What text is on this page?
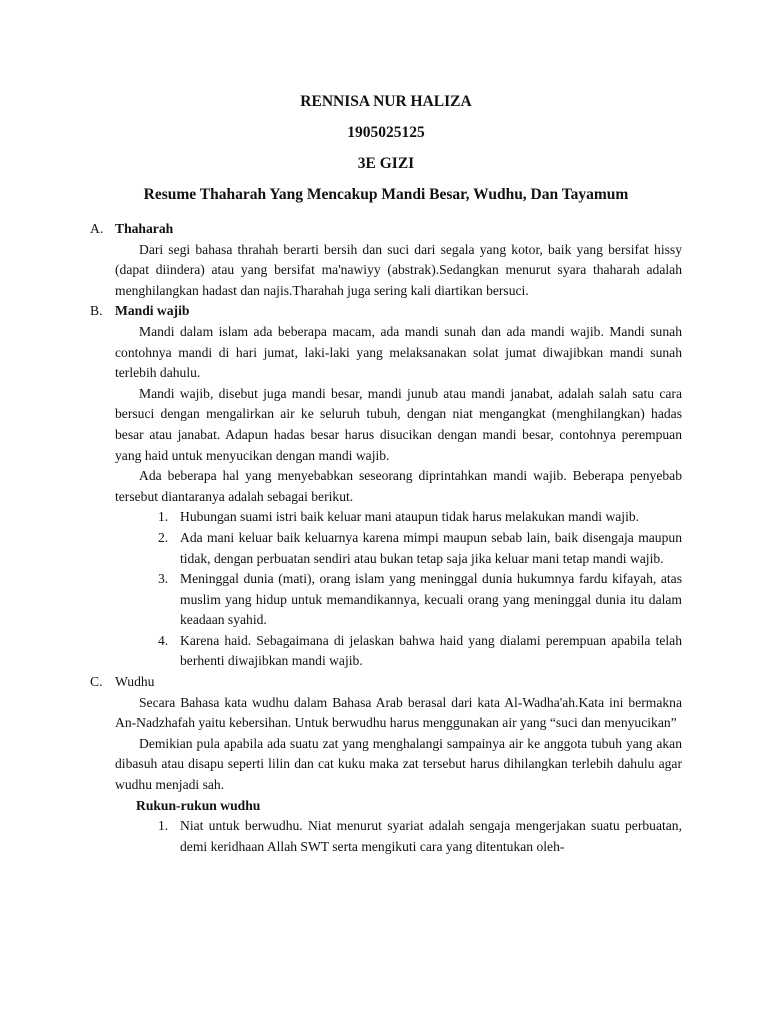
RENNISA NUR HALIZA
1905025125
3E GIZI
Resume Thaharah Yang Mencakup Mandi Besar, Wudhu, Dan Tayamum
A. Thaharah

Dari segi bahasa thrahah berarti bersih dan suci dari segala yang kotor, baik yang bersifat hissy (dapat diindera) atau yang bersifat ma'nawiyy (abstrak).Sedangkan menurut syara thaharah adalah menghilangkan hadast dan najis.Tharahah juga sering kali diartikan bersuci.

B. Mandi wajib

Mandi dalam islam ada beberapa macam, ada mandi sunah dan ada mandi wajib. Mandi sunah contohnya mandi di hari jumat, laki-laki yang melaksanakan solat jumat diwajibkan mandi sunah terlebih dahulu.

Mandi wajib, disebut juga mandi besar, mandi junub atau mandi janabat, adalah salah satu cara bersuci dengan mengalirkan air ke seluruh tubuh, dengan niat mengangkat (menghilangkan) hadas besar atau janabat. Adapun hadas besar harus disucikan dengan mandi besar, contohnya perempuan yang haid untuk menyucikan dengan mandi wajib.

Ada beberapa hal yang menyebabkan seseorang diprintahkan mandi wajib. Beberapa penyebab tersebut diantaranya adalah sebagai berikut.

1. Hubungan suami istri baik keluar mani ataupun tidak harus melakukan mandi wajib.
2. Ada mani keluar baik keluarnya karena mimpi maupun sebab lain, baik disengaja maupun tidak, dengan perbuatan sendiri atau bukan tetap saja jika keluar mani tetap mandi wajib.
3. Meninggal dunia (mati), orang islam yang meninggal dunia hukumnya fardu kifayah, atas muslim yang hidup untuk memandikannya, kecuali orang yang meninggal dunia itu dalam keadaan syahid.
4. Karena haid. Sebagaimana di jelaskan bahwa haid yang dialami perempuan apabila telah berhenti diwajibkan mandi wajib.
C. Wudhu

Secara Bahasa kata wudhu dalam Bahasa Arab berasal dari kata Al-Wadha'ah.Kata ini bermakna An-Nadzhafah yaitu kebersihan. Untuk berwudhu harus menggunakan air yang “suci dan menyucikan”

Demikian pula apabila ada suatu zat yang menghalangi sampainya air ke anggota tubuh yang akan dibasuh atau disapu seperti lilin dan cat kuku maka zat tersebut harus dihilangkan terlebih dahulu agar wudhu menjadi sah.

Rukun-rukun wudhu
1. Niat untuk berwudhu. Niat menurut syariat adalah sengaja mengerjakan suatu perbuatan, demi keridhaan Allah SWT serta mengikuti cara yang ditentukan oleh-
